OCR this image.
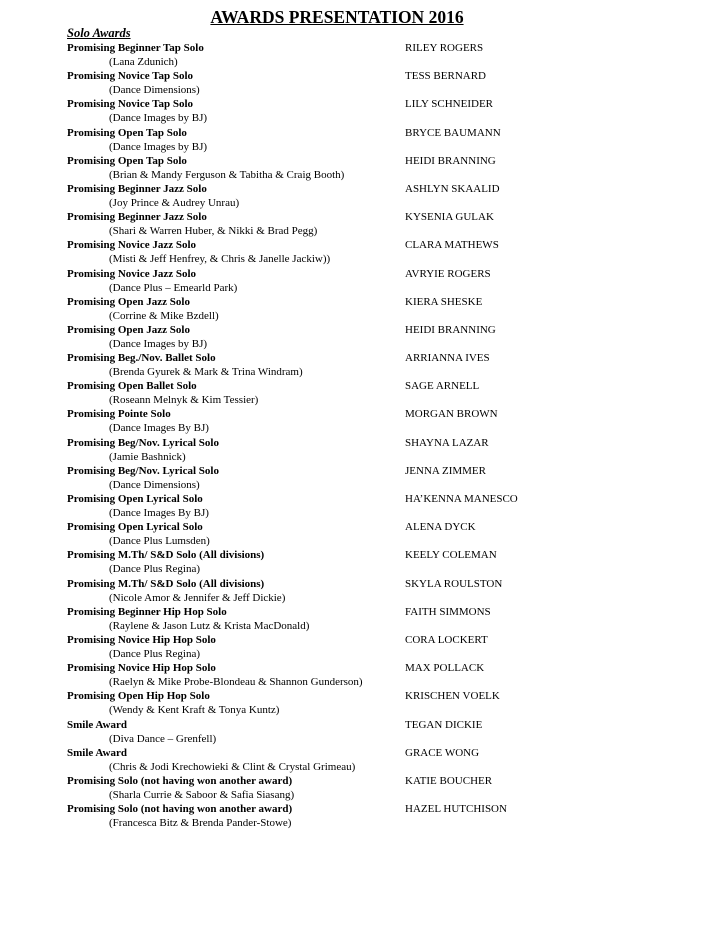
AWARDS PRESENTATION 2016
Solo Awards
Promising Beginner Tap Solo	RILEY ROGERS
(Lana Zdunich)
Promising Novice Tap Solo	TESS BERNARD
(Dance Dimensions)
Promising Novice Tap Solo	LILY SCHNEIDER
(Dance Images by BJ)
Promising Open Tap Solo	BRYCE BAUMANN
(Dance Images by BJ)
Promising Open Tap Solo	HEIDI BRANNING
(Brian & Mandy Ferguson & Tabitha & Craig Booth)
Promising Beginner Jazz Solo	ASHLYN SKAALID
(Joy Prince & Audrey Unrau)
Promising Beginner Jazz Solo	KYSENIA GULAK
(Shari & Warren Huber, & Nikki & Brad Pegg)
Promising Novice Jazz Solo	CLARA MATHEWS
(Misti & Jeff Henfrey, & Chris & Janelle Jackiw))
Promising Novice Jazz Solo	AVRYIE ROGERS
(Dance Plus – Emearld Park)
Promising Open Jazz Solo	KIERA SHESKE
(Corrine & Mike Bzdell)
Promising Open Jazz Solo	HEIDI BRANNING
(Dance Images by BJ)
Promising Beg./Nov. Ballet Solo	ARRIANNA IVES
(Brenda Gyurek & Mark & Trina Windram)
Promising Open Ballet Solo	SAGE ARNELL
(Roseann Melnyk & Kim Tessier)
Promising Pointe Solo	MORGAN BROWN
(Dance Images By BJ)
Promising Beg/Nov. Lyrical Solo	SHAYNA LAZAR
(Jamie Bashnick)
Promising Beg/Nov. Lyrical Solo	JENNA ZIMMER
(Dance Dimensions)
Promising Open Lyrical Solo	HA’KENNA MANESCO
(Dance Images By BJ)
Promising Open Lyrical Solo	ALENA DYCK
(Dance Plus Lumsden)
Promising M.Th/ S&D Solo (All divisions)	KEELY COLEMAN
(Dance Plus Regina)
Promising M.Th/ S&D Solo (All divisions)	SKYLA ROULSTON
(Nicole Amor & Jennifer & Jeff Dickie)
Promising Beginner Hip Hop Solo	FAITH SIMMONS
(Raylene & Jason Lutz & Krista MacDonald)
Promising Novice Hip Hop Solo	CORA LOCKERT
(Dance Plus Regina)
Promising Novice Hip Hop Solo	MAX POLLACK
(Raelyn & Mike Probe-Blondeau & Shannon Gunderson)
Promising Open Hip Hop Solo	KRISCHEN VOELK
(Wendy & Kent Kraft & Tonya Kuntz)
Smile Award	TEGAN DICKIE
(Diva Dance – Grenfell)
Smile Award	GRACE WONG
(Chris & Jodi Krechowieki & Clint & Crystal Grimeau)
Promising Solo (not having won another award)	KATIE BOUCHER
(Sharla Currie & Saboor & Safia Siasang)
Promising Solo (not having won another award)	HAZEL HUTCHISON
(Francesca Bitz & Brenda Pander-Stowe)
